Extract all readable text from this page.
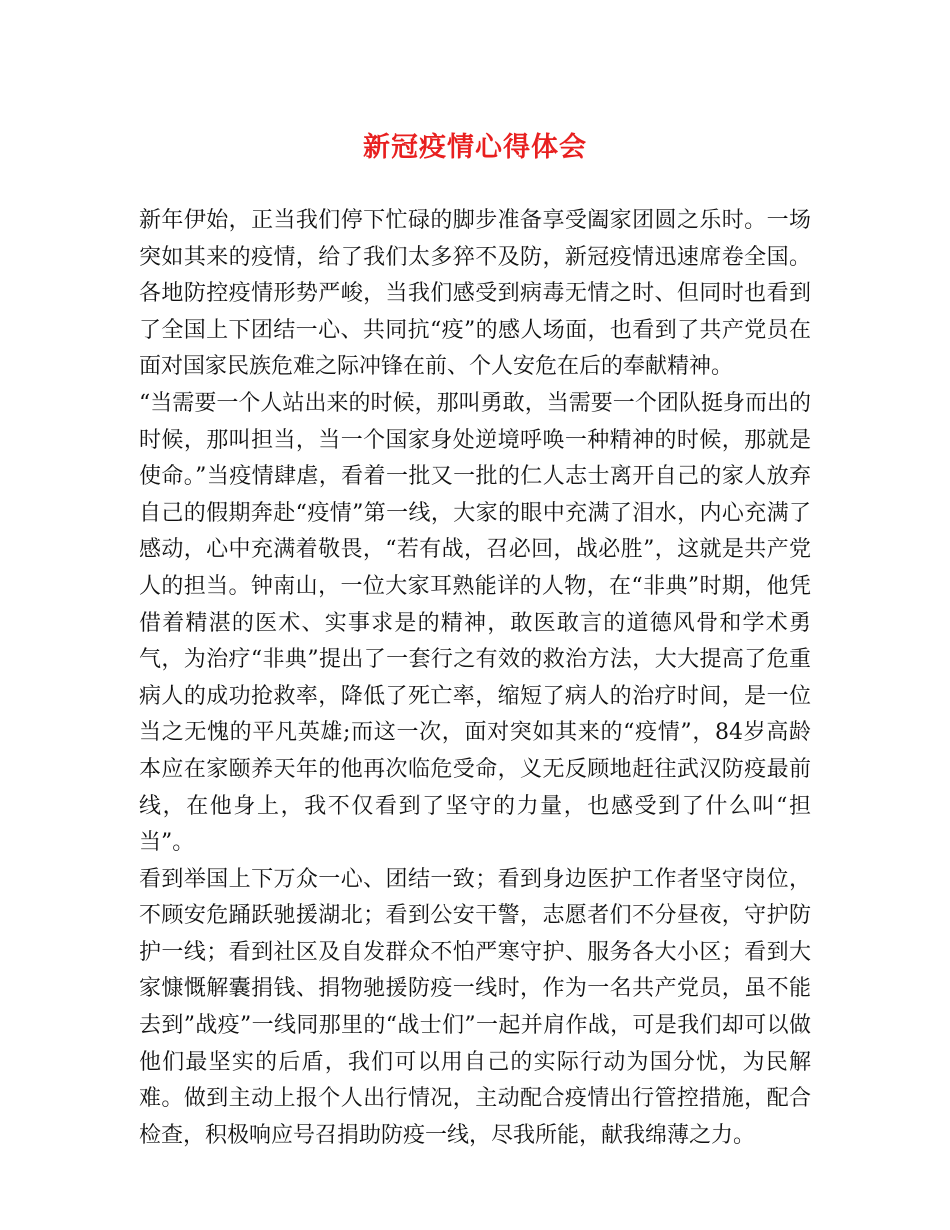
新冠疫情心得体会

新年伊始，正当我们停下忙碌的脚步准备享受阖家团圆之乐时。一场突如其来的疫情，给了我们太多猝不及防，新冠疫情迅速席卷全国。各地防控疫情形势严峻，当我们感受到病毒无情之时、但同时也看到了全国上下团结一心、共同抗“疫”的感人场面，也看到了共产党员在面对国家民族危难之际冲锋在前、个人安危在后的奉献精神。

“当需要一个人站出来的时候，那叫勇敢，当需要一个团队挺身而出的时候，那叫担当，当一个国家身处逆境呼唤一种精神的时候，那就是使命。”当疫情肆虐，看着一批又一批的仁人志士离开自己的家人放弃自己的假期奔赴“疫情”第一线，大家的眼中充满了泪水，内心充满了感动，心中充满着敬畏，“若有战，召必回，战必胜”，这就是共产党人的担当。钟南山，一位大家耳熟能详的人物，在“非典”时期，他凭借着精湛的医术、实事求是的精神，敢医敢言的道德风骨和学术勇气，为治疗“非典”提出了一套行之有效的救治方法，大大提高了危重病人的成功抢救率，降低了死亡率，缩短了病人的治疗时间，是一位当之无愧的平凡英雄;而这一次，面对突如其来的“疫情”，84岁高龄本应在家颐养天年的他再次临危受命，义无反顾地赶往武汉防疫最前线，在他身上，我不仅看到了坚守的力量，也感受到了什么叫“担当”。

看到举国上下万众一心、团结一致；看到身边医护工作者坚守岗位，不顾安危踊跃驰援湖北；看到公安干警，志愿者们不分昼夜，守护防护一线；看到社区及自发群众不怕严寒守护、服务各大小区；看到大家慷慨解囊捐钱、捐物驰援防疫一线时，作为一名共产党员，虽不能去到”战疫”一线同那里的“战士们”一起并肩作战，可是我们却可以做他们最坚实的后盾，我们可以用自己的实际行动为国分忧，为民解难。做到主动上报个人出行情况，主动配合疫情出行管控措施，配合检查，积极响应号召捐助防疫一线，尽我所能，献我绵薄之力。
